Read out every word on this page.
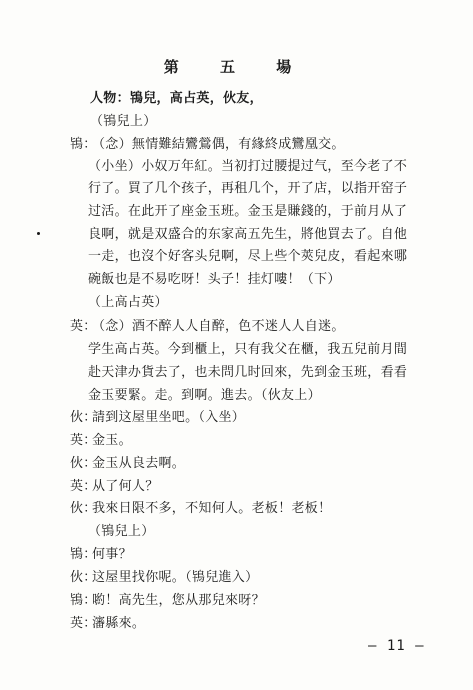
第 五 場
人物：鴇兒，高占英，伙友，
（鴇兒上）
鴇：（念）無情難結鸞鶯偶，有緣終成鸞凰交。
（小坐）小奴万年紅。当初打过腰提过气，至今老了不
行了。買了几个孩子，再租几个，开了店，以指开窑子
过活。在此开了座金玉班。金玉是賺錢的，于前月从了
良啊，就是双盛合的东家高五先生，將他買去了。自他
一走，也沒个好客头兒啊，尽上些个莢兒皮，看起來哪
碗飯也是不易吃呀！头子！挂灯嘍！（下）
（上高占英）
英：（念）酒不醉人人自醉，色不迷人人自迷。
学生高占英。今到櫃上，只有我父在櫃，我五兒前月間
赴天津办貨去了，也未問几时回來，先到金玉班，看看
金玉要緊。走。到啊。進去。（伙友上）
伙：請到这屋里坐吧。（入坐）
英：金玉。
伙：金玉从良去啊。
英：从了何人？
伙：我來日限不多，不知何人。老板！老板！
（鴇兒上）
鴇：何事？
伙：这屋里找你呢。（鴇兒進入）
鴇：喲！高先生，您从那兒來呀？
英：瀋縣來。
— 11 —
